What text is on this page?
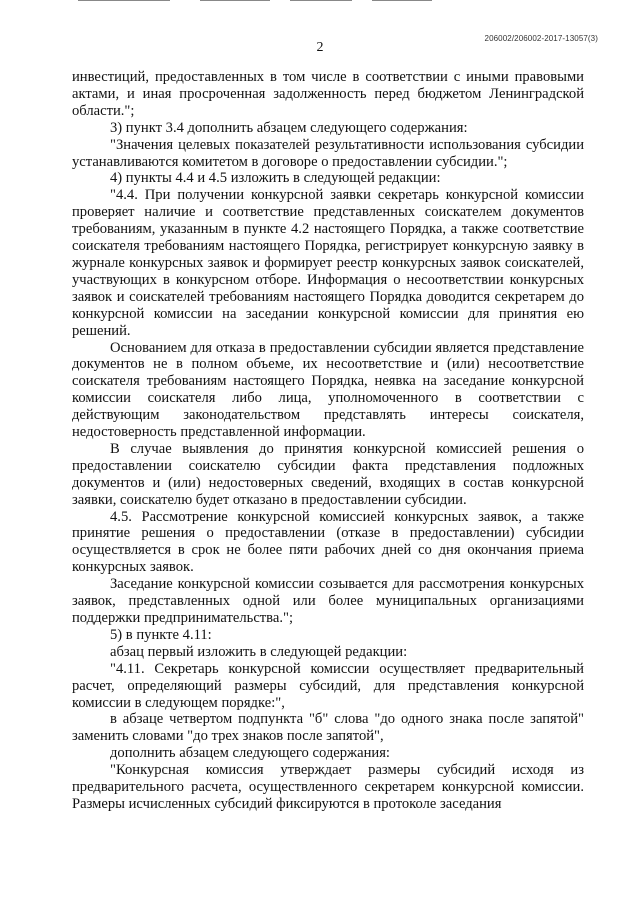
206002/206002-2017-13057(3)
2

инвестиций, предоставленных в том числе в соответствии с иными правовыми актами, и иная просроченная задолженность перед бюджетом Ленинградской области.";

3) пункт 3.4 дополнить абзацем следующего содержания:

"Значения целевых показателей результативности использования субсидии устанавливаются комитетом в договоре о предоставлении субсидии.";

4) пункты 4.4 и 4.5 изложить в следующей редакции:

"4.4. При получении конкурсной заявки секретарь конкурсной комиссии проверяет наличие и соответствие представленных соискателем документов требованиям, указанным в пункте 4.2 настоящего Порядка, а также соответствие соискателя требованиям настоящего Порядка, регистрирует конкурсную заявку в журнале конкурсных заявок и формирует реестр конкурсных заявок соискателей, участвующих в конкурсном отборе. Информация о несоответствии конкурсных заявок и соискателей требованиям настоящего Порядка доводится секретарем до конкурсной комиссии на заседании конкурсной комиссии для принятия ею решений.

Основанием для отказа в предоставлении субсидии является представление документов не в полном объеме, их несоответствие и (или) несоответствие соискателя требованиям настоящего Порядка, неявка на заседание конкурсной комиссии соискателя либо лица, уполномоченного в соответствии с действующим законодательством представлять интересы соискателя, недостоверность представленной информации.

В случае выявления до принятия конкурсной комиссией решения о предоставлении соискателю субсидии факта представления подложных документов и (или) недостоверных сведений, входящих в состав конкурсной заявки, соискателю будет отказано в предоставлении субсидии.

4.5. Рассмотрение конкурсной комиссией конкурсных заявок, а также принятие решения о предоставлении (отказе в предоставлении) субсидии осуществляется в срок не более пяти рабочих дней со дня окончания приема конкурсных заявок.

Заседание конкурсной комиссии созывается для рассмотрения конкурсных заявок, представленных одной или более муниципальных организациями поддержки предпринимательства.";

5) в пункте 4.11:

абзац первый изложить в следующей редакции:

"4.11. Секретарь конкурсной комиссии осуществляет предварительный расчет, определяющий размеры субсидий, для представления конкурсной комиссии в следующем порядке:",

в абзаце четвертом подпункта "б" слова "до одного знака после запятой" заменить словами "до трех знаков после запятой",

дополнить абзацем следующего содержания:

"Конкурсная комиссия утверждает размеры субсидий исходя из предварительного расчета, осуществленного секретарем конкурсной комиссии. Размеры исчисленных субсидий фиксируются в протоколе заседания
